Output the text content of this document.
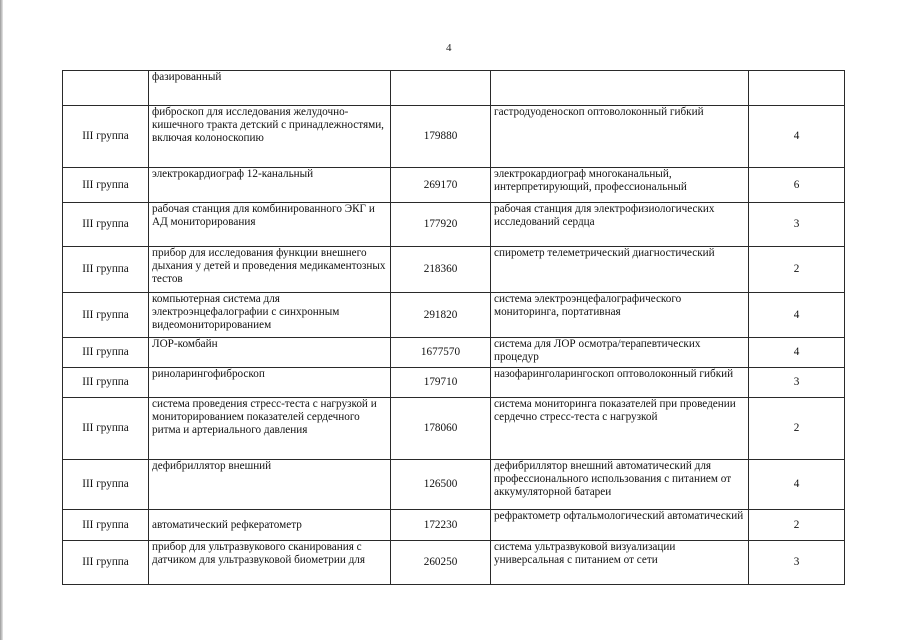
4
	фазированный			
III группа	фиброскоп для исследования желудочно-кишечного тракта детский с принадлежностями, включая колоноскопию	179880	гастродуоденоскоп оптоволоконный гибкий	4
III группа	электрокардиограф 12-канальный	269170	электрокардиограф многоканальный, интерпретирующий, профессиональный	6
III группа	рабочая станция для комбинированного ЭКГ и АД мониторирования	177920	рабочая станция для электрофизиологических исследований сердца	3
III группа	прибор для исследования функции внешнего дыхания у детей и проведения медикаментозных тестов	218360	спирометр телеметрический диагностический	2
III группа	компьютерная система для электроэнцефалографии с синхронным видеомониторированием	291820	система электроэнцефалографического мониторинга, портативная	4
III группа	ЛОР-комбайн	1677570	система для ЛОР осмотра/терапевтических процедур	4
III группа	риноларингофиброскоп	179710	назофаринголарингоскоп оптоволоконный гибкий	3
III группа	система проведения стресс-теста с нагрузкой и мониторированием показателей сердечного ритма и артериального давления	178060	система мониторинга показателей при проведении сердечно стресс-теста с нагрузкой	2
III группа	дефибриллятор внешний	126500	дефибриллятор внешний автоматический для профессионального использования с питанием от аккумуляторной батареи	4
III группа	автоматический рефкератометр	172230	рефрактометр офтальмологический автоматический	2
III группа	прибор для ультразвукового сканирования с датчиком для ультразвуковой биометрии для	260250	система ультразвуковой визуализации универсальная с питанием от сети	3
